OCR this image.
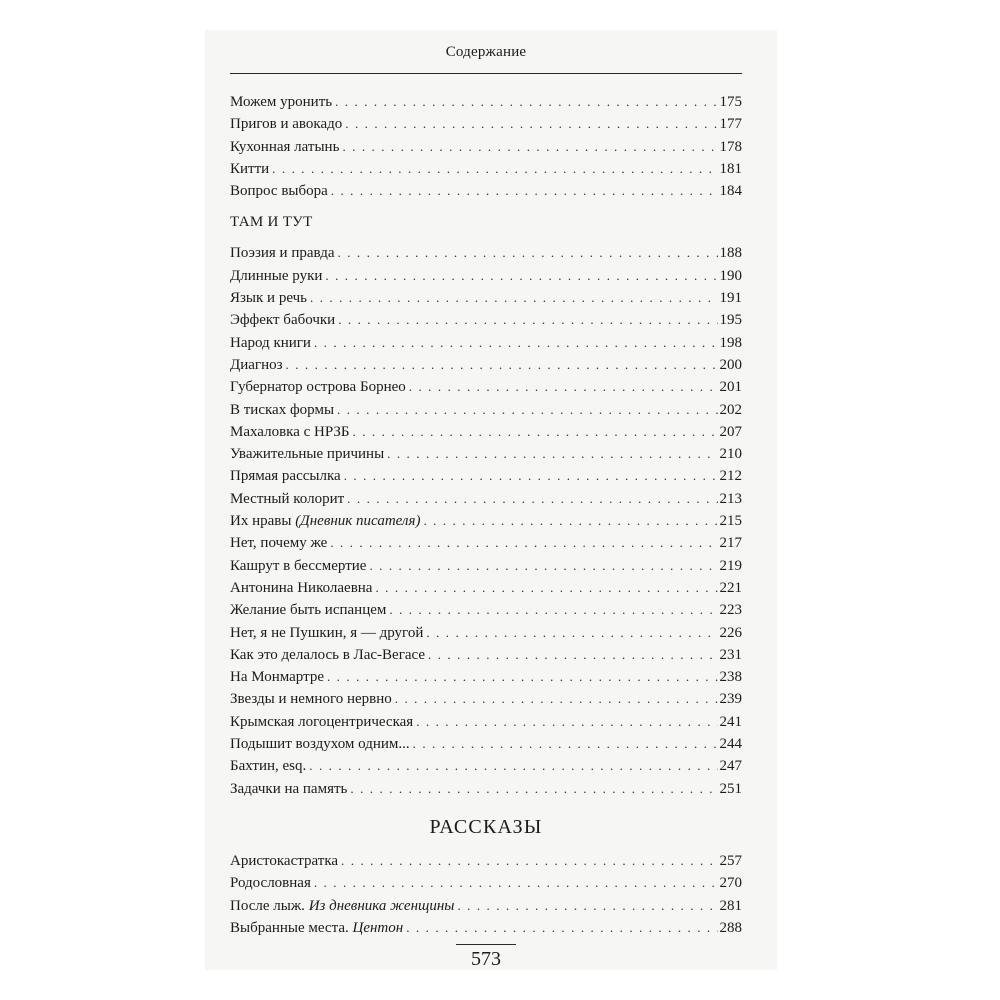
Содержание
Можем уронить . . .	175
Пригов и авокадо . . .	177
Кухонная латынь . . .	178
Китти . . .	181
Вопрос выбора . . .	184
ТАМ И ТУТ
Поэзия и правда . . .	188
Длинные руки . . .	190
Язык и речь . . .	191
Эффект бабочки . . .	195
Народ книги . . .	198
Диагноз . . .	200
Губернатор острова Борнео . . .	201
В тисках формы . . .	202
Махаловка с НРЗБ . . .	207
Уважительные причины . . .	210
Прямая рассылка . . .	212
Местный колорит . . .	213
Их нравы (Дневник писателя) . . .	215
Нет, почему же . . .	217
Кашрут в бессмертие . . .	219
Антонина Николаевна . . .	221
Желание быть испанцем . . .	223
Нет, я не Пушкин, я — другой . . .	226
Как это делалось в Лас-Вегасе . . .	231
На Монмартре . . .	238
Звезды и немного нервно . . .	239
Крымская логоцентрическая . . .	241
Подышит воздухом одним... . . .	244
Бахтин, esq. . . .	247
Задачки на память . . .	251
РАССКАЗЫ
Аристокастратка . . .	257
Родословная . . .	270
После лыж. Из дневника женщины . . .	281
Выбранные места. Центон . . .	288
573
